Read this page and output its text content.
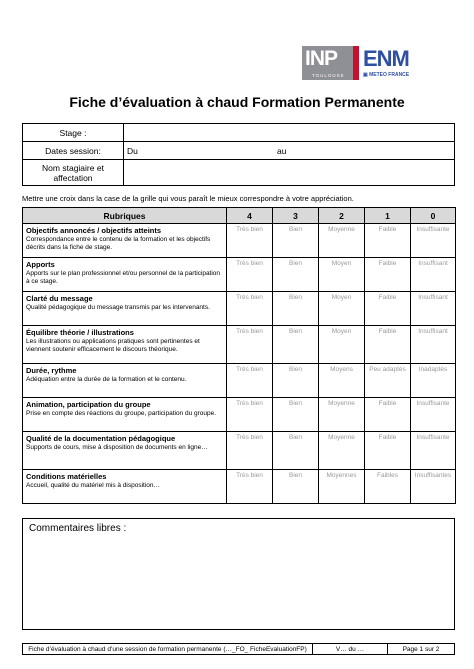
INP
TOULOUSE
ENM
▣ METEO FRANCE
Fiche d’évaluation à chaud Formation Permanente
Stage :	
Dates session:	Du au

Nom stagiaire et affectation	
Mettre une croix dans la case de la grille qui vous paraît le mieux correspondre à votre appréciation.
Rubriques	4	3	2	1	0

Objectifs annoncés / objectifs atteints
Correspondance entre le contenu de la formation et les objectifs décrits dans la fiche de stage.	Très bien	Bien	Moyenne	Faible	Insuffisante

Apports
Apports sur le plan professionnel et/ou personnel de la participation à ce stage.	Très bien	Bien	Moyen	Faible	Insuffisant

Clarté du message
Qualité pédagogique du message transmis par les intervenants.	Très bien	Bien	Moyen	Faible	Insuffisant

Équilibre théorie / illustrations
Les illustrations ou applications pratiques sont pertinentes et viennent soutenir efficacement le discours théorique.	Très bien	Bien	Moyen	Faible	Insuffisant

Durée, rythme
Adéquation entre la durée de la formation et le contenu.	Très bien	Bien	Moyens	Peu adaptés	Inadaptés

Animation, participation du groupe
Prise en compte des réactions du groupe, participation du groupe.	Très bien	Bien	Moyenne	Faible	Insuffisante

Qualité de la documentation pédagogique
Supports de cours, mise à disposition de documents en ligne…	Très bien	Bien	Moyenne	Faible	Insuffisante

Conditions matérielles
Accueil, qualité du matériel mis à disposition…	Très bien	Bien	Moyennes	Faibles	Insuffisantes
Commentaires libres :
Fiche d’évaluation à chaud d’une session de formation permanente (…_FO_ FicheEvaluationFP)	V… du …	Page 1 sur 2
